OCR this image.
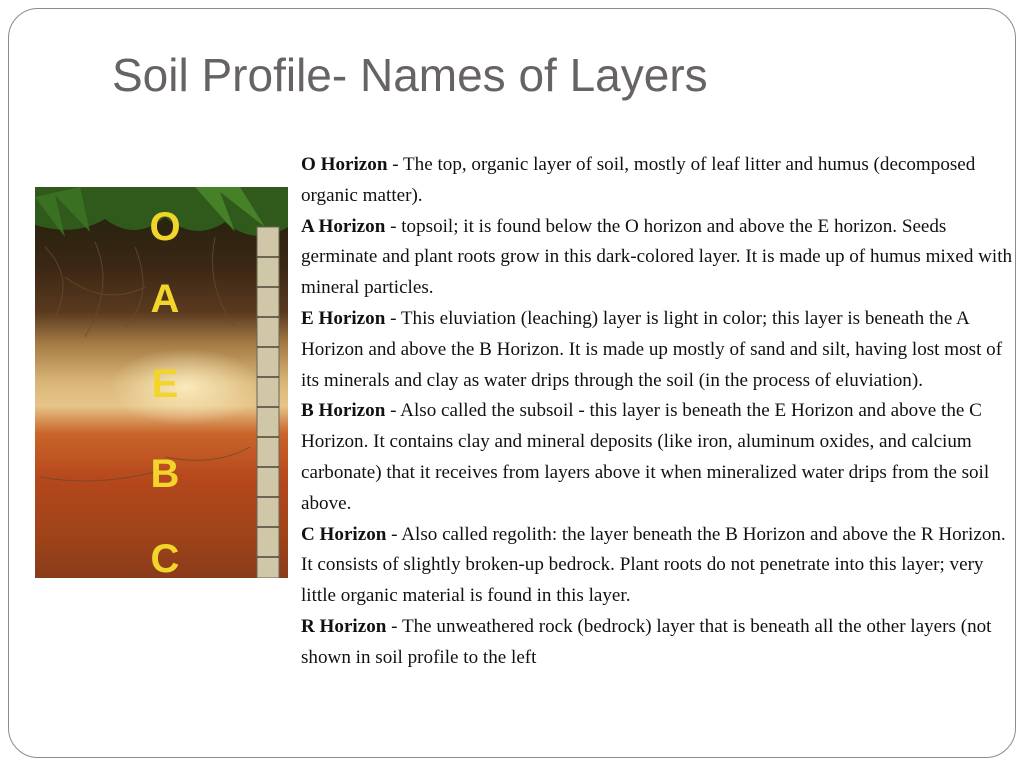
Soil Profile- Names of Layers
O
A
E
B
C

O Horizon - The top, organic layer of soil, mostly of leaf litter and humus (decomposed organic matter).

A Horizon - topsoil; it is found below the O horizon and above the E horizon. Seeds germinate and plant roots grow in this dark-colored layer. It is made up of humus mixed with mineral particles.

E Horizon - This eluviation (leaching) layer is light in color; this layer is beneath the A Horizon and above the B Horizon. It is made up mostly of sand and silt, having lost most of its minerals and clay as water drips through the soil (in the process of eluviation).

B Horizon - Also called the subsoil - this layer is beneath the E Horizon and above the C Horizon. It contains clay and mineral deposits (like iron, aluminum oxides, and calcium carbonate) that it receives from layers above it when mineralized water drips from the soil above.

C Horizon - Also called regolith: the layer beneath the B Horizon and above the R Horizon. It consists of slightly broken-up bedrock. Plant roots do not penetrate into this layer; very little organic material is found in this layer.

R Horizon - The unweathered rock (bedrock) layer that is beneath all the other layers (not shown in soil profile to the left
